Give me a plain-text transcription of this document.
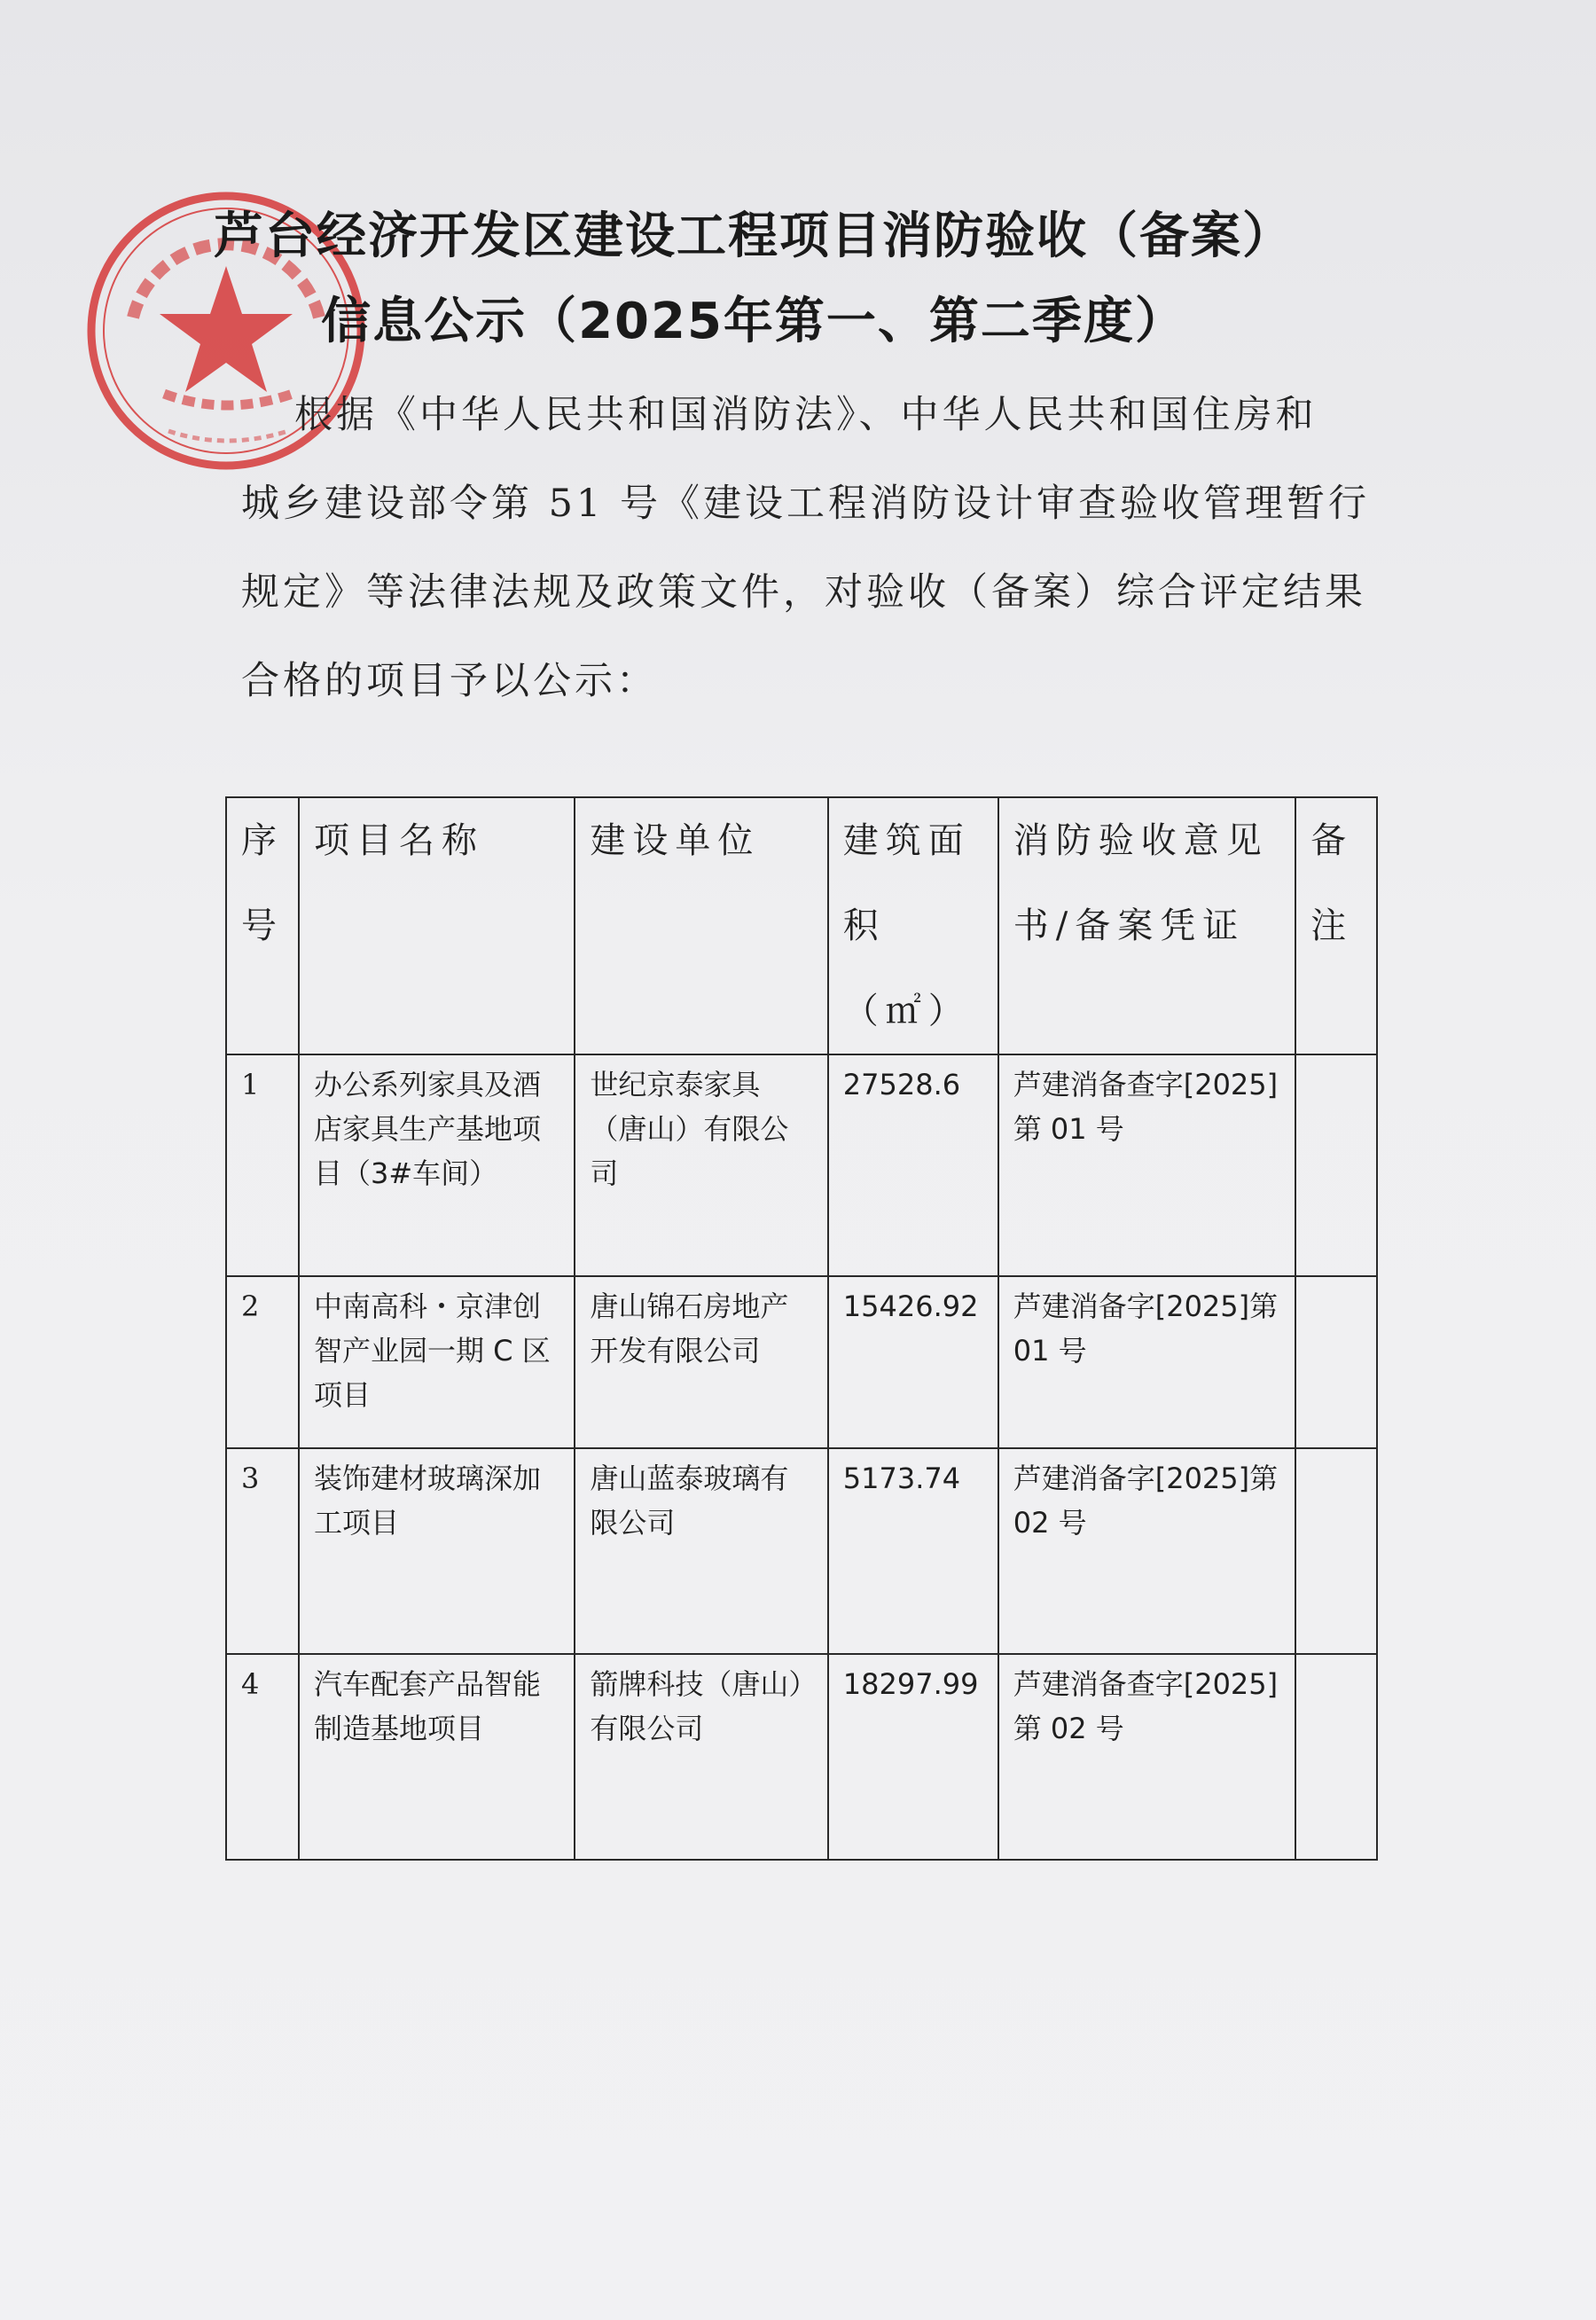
芦台经济开发区建设工程项目消防验收（备案）
信息公示（2025年第一、第二季度）
根据《中华人民共和国消防法》、中华人民共和国住房和
城乡建设部令第 51 号《建设工程消防设计审查验收管理暂行
规定》等法律法规及政策文件，对验收（备案）综合评定结果
合格的项目予以公示：
序号	项目名称	建设单位	建筑面积（㎡）	消防验收意见书/备案凭证	备注
1	办公系列家具及酒店家具生产基地项目（3#车间）	世纪京泰家具（唐山）有限公司	27528.6	芦建消备查字[2025]第 01 号	
2	中南高科・京津创智产业园一期 C 区项目	唐山锦石房地产开发有限公司	15426.92	芦建消备字[2025]第 01 号	
3	装饰建材玻璃深加工项目	唐山蓝泰玻璃有限公司	5173.74	芦建消备字[2025]第 02 号	
4	汽车配套产品智能制造基地项目	箭牌科技（唐山）有限公司	18297.99	芦建消备查字[2025]第 02 号	
